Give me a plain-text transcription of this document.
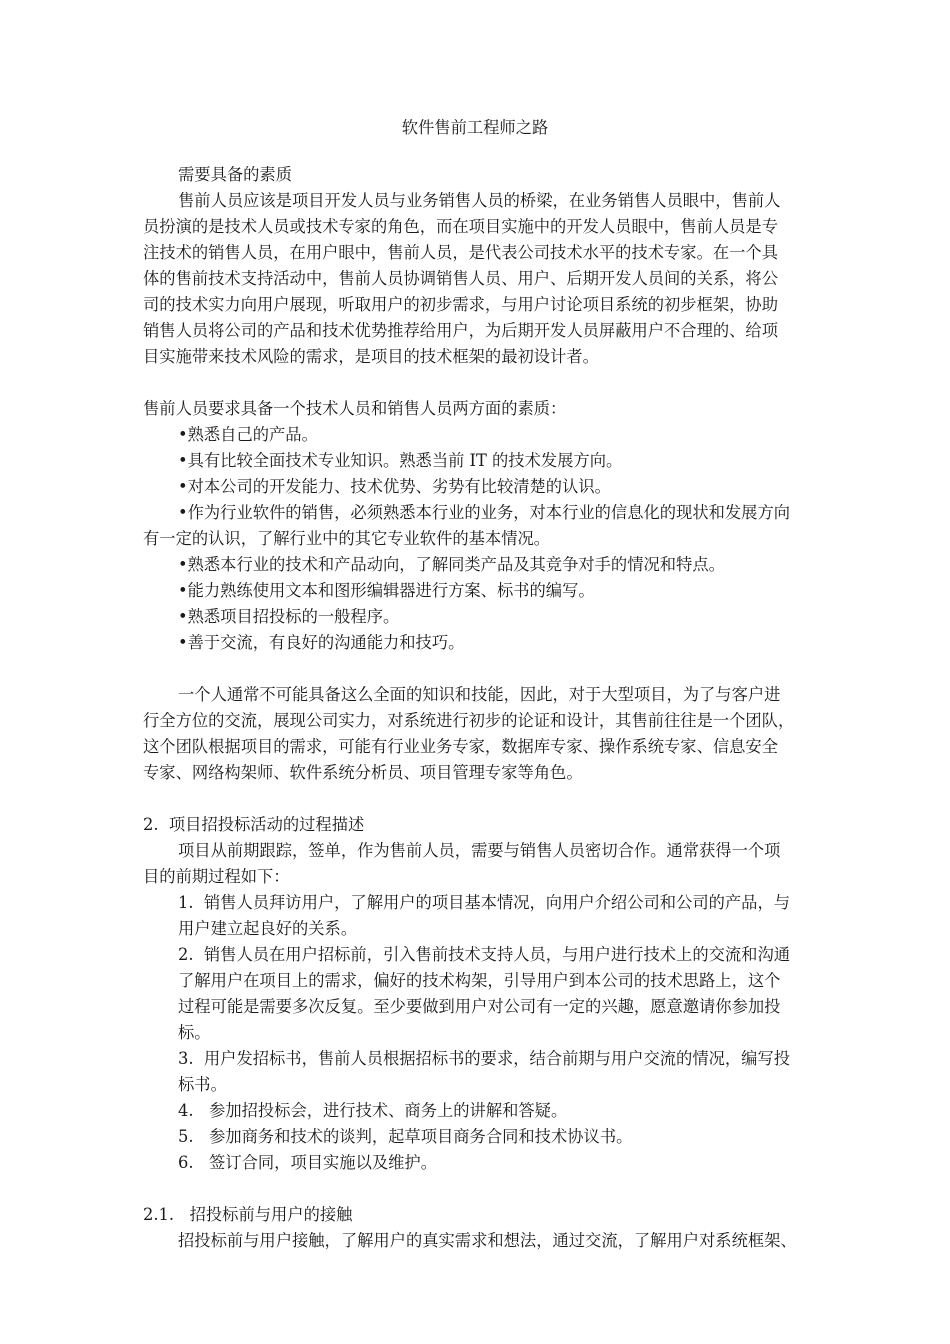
软件售前工程师之路
需要具备的素质
售前人员应该是项目开发人员与业务销售人员的桥梁，在业务销售人员眼中，售前人
员扮演的是技术人员或技术专家的角色，而在项目实施中的开发人员眼中，售前人员是专
注技术的销售人员，在用户眼中，售前人员，是代表公司技术水平的技术专家。在一个具
体的售前技术支持活动中，售前人员协调销售人员、用户、后期开发人员间的关系，将公
司的技术实力向用户展现，听取用户的初步需求，与用户讨论项目系统的初步框架，协助
销售人员将公司的产品和技术优势推荐给用户，为后期开发人员屏蔽用户不合理的、给项
目实施带来技术风险的需求，是项目的技术框架的最初设计者。
售前人员要求具备一个技术人员和销售人员两方面的素质：
•熟悉自己的产品。
•具有比较全面技术专业知识。熟悉当前 IT 的技术发展方向。
•对本公司的开发能力、技术优势、劣势有比较清楚的认识。
•作为行业软件的销售，必须熟悉本行业的业务，对本行业的信息化的现状和发展方向
有一定的认识，了解行业中的其它专业软件的基本情况。
•熟悉本行业的技术和产品动向，了解同类产品及其竞争对手的情况和特点。
•能力熟练使用文本和图形编辑器进行方案、标书的编写。
•熟悉项目招投标的一般程序。
•善于交流，有良好的沟通能力和技巧。
一个人通常不可能具备这么全面的知识和技能，因此，对于大型项目，为了与客户进
行全方位的交流，展现公司实力，对系统进行初步的论证和设计，其售前往往是一个团队，
这个团队根据项目的需求，可能有行业业务专家，数据库专家、操作系统专家、信息安全
专家、网络构架师、软件系统分析员、项目管理专家等角色。
2.  项目招投标活动的过程描述
项目从前期跟踪，签单，作为售前人员，需要与销售人员密切合作。通常获得一个项
目的前期过程如下：
1.  销售人员拜访用户，了解用户的项目基本情况，向用户介绍公司和公司的产品，与
用户建立起良好的关系。
2.  销售人员在用户招标前，引入售前技术支持人员，与用户进行技术上的交流和沟通
了解用户在项目上的需求，偏好的技术构架，引导用户到本公司的技术思路上，这个
过程可能是需要多次反复。至少要做到用户对公司有一定的兴趣，愿意邀请你参加投
标。
3.  用户发招标书，售前人员根据招标书的要求，结合前期与用户交流的情况，编写投
标书。
4.   参加招投标会，进行技术、商务上的讲解和答疑。
5.   参加商务和技术的谈判，起草项目商务合同和技术协议书。
6.   签订合同，项目实施以及维护。
2.1.   招投标前与用户的接触
招投标前与用户接触，了解用户的真实需求和想法，通过交流，了解用户对系统框架、
